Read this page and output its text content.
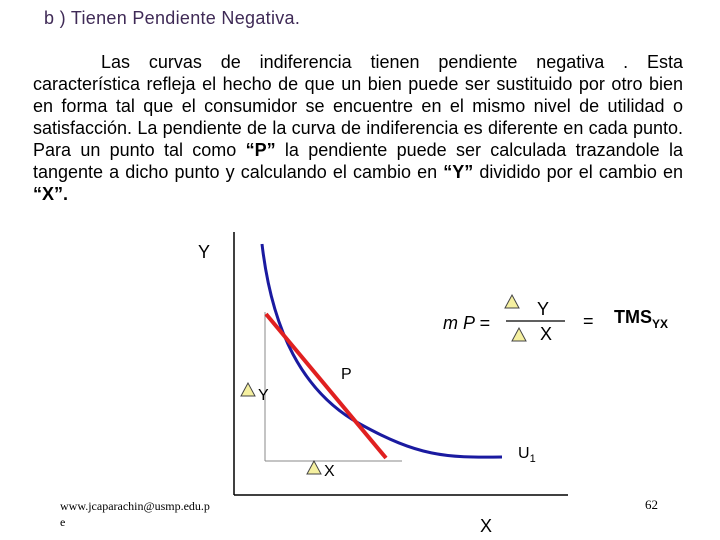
b ) Tienen Pendiente Negativa.
Las curvas de indiferencia tienen pendiente negativa . Esta característica refleja el hecho de que un bien puede ser sustituido por otro bien en forma tal que el consumidor se encuentre en el mismo nivel de utilidad o satisfacción. La pendiente de la curva de indiferencia es diferente en cada punto. Para un punto tal como “P” la pendiente puede ser calculada trazandole la tangente a dicho punto y calculando el cambio en “Y” dividido por el cambio en “X”.
Y
X
$U_1$
P
Y
X
m P =
Y
X
= $TMS_{YX}$
www.jcaparachin@usmp.edu.pe
62
